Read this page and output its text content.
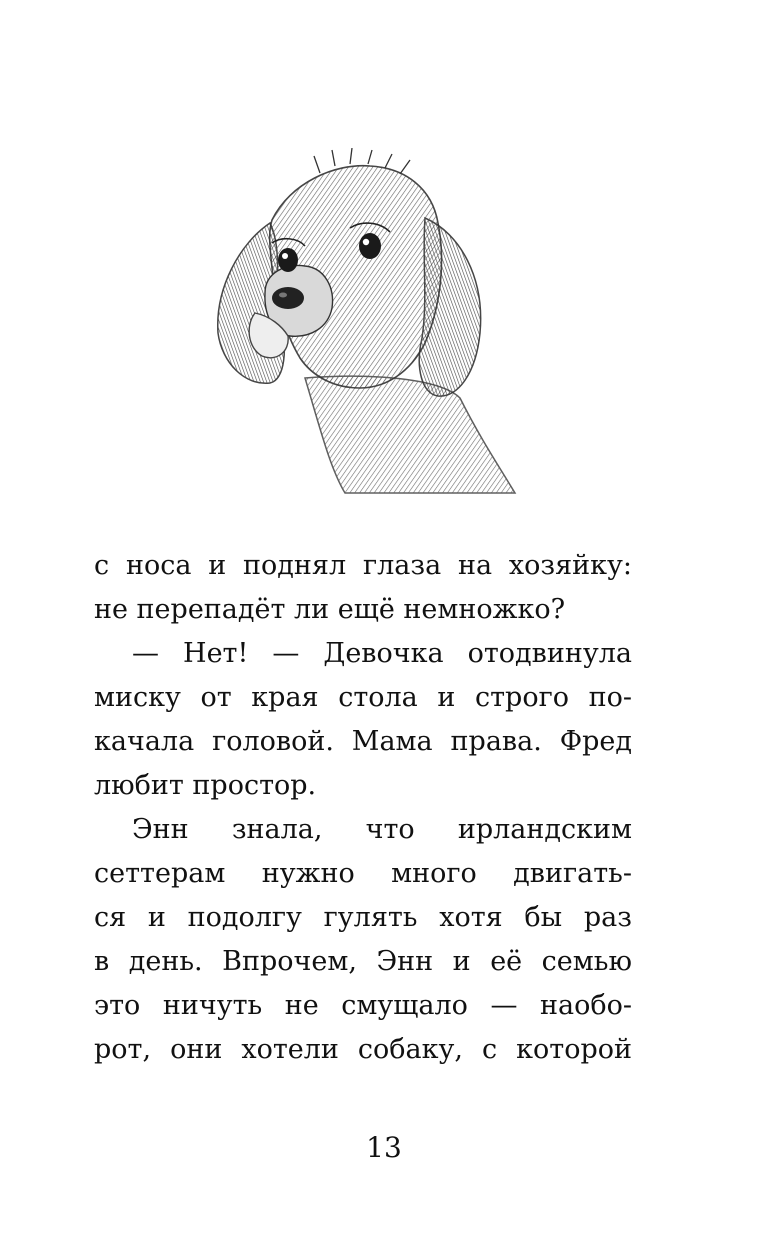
с носа и поднял глаза на хозяйку:
не перепадёт ли ещё немножко?
— Нет! — Девочка отодвинула
миску от края стола и строго по-
качала головой. Мама права. Фред
любит простор.
Энн знала, что ирландским
сеттерам нужно много двигать-
ся и подолгу гулять хотя бы раз
в день. Впрочем, Энн и её семью
это ничуть не смущало — наобо-
рот, они хотели собаку, с которой
13
